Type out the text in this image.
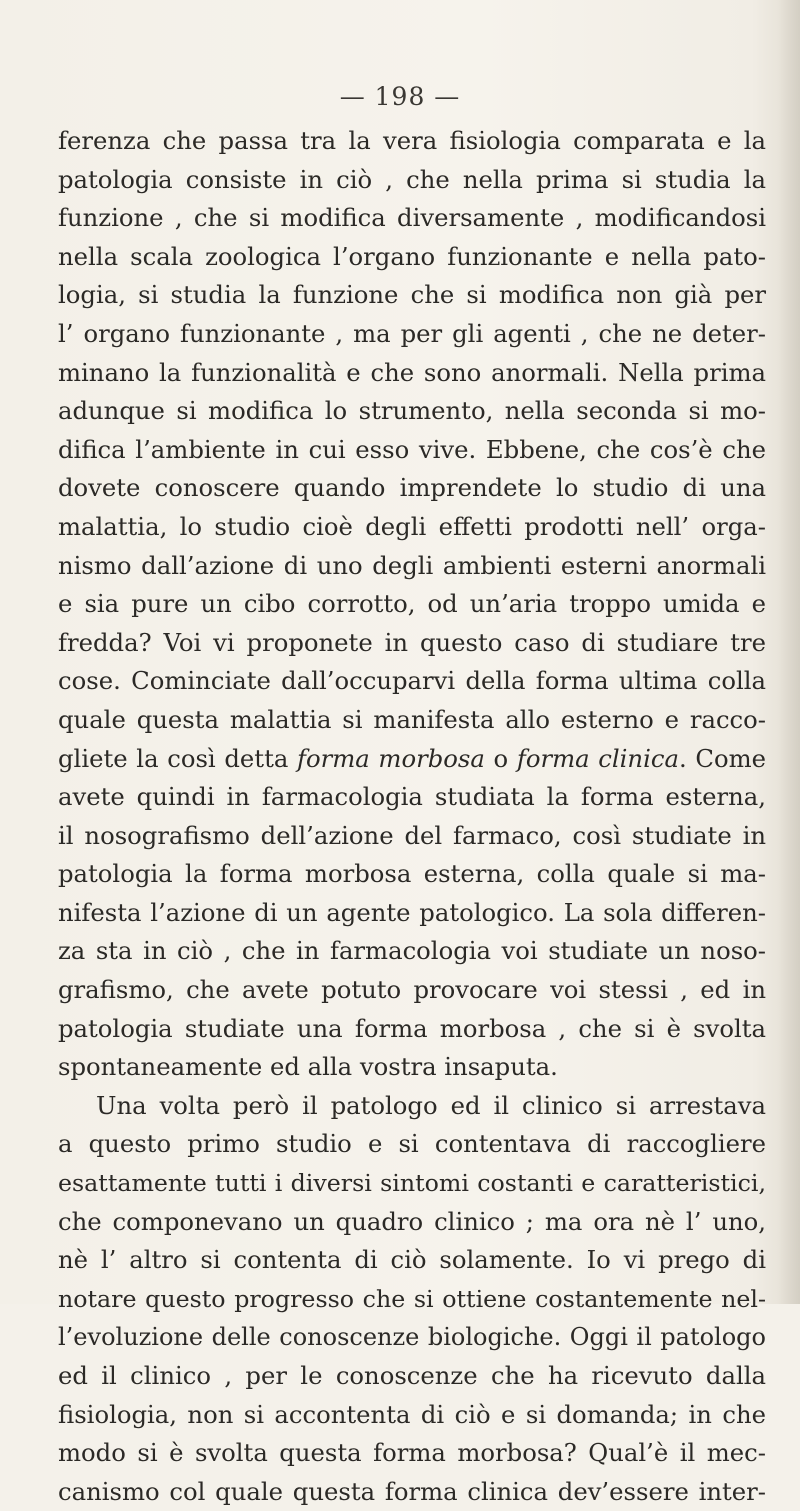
— 198 —
ferenza che passa tra la vera fisiologia comparata e la
patologia consiste in ciò , che nella prima si studia la
funzione , che si modifica diversamente , modificandosi
nella scala zoologica l’organo funzionante e nella pato-
logia, si studia la funzione che si modifica non già per
l’ organo funzionante , ma per gli agenti , che ne deter-
minano la funzionalità e che sono anormali. Nella prima
adunque si modifica lo strumento, nella seconda si mo-
difica l’ambiente in cui esso vive. Ebbene, che cos’è che
dovete conoscere quando imprendete lo studio di una
malattia, lo studio cioè degli effetti prodotti nell’ orga-
nismo dall’azione di uno degli ambienti esterni anormali
e sia pure un cibo corrotto, od un’aria troppo umida e
fredda? Voi vi proponete in questo caso di studiare tre
cose. Cominciate dall’occuparvi della forma ultima colla
quale questa malattia si manifesta allo esterno e racco-
gliete la così detta forma morbosa o forma clinica. Come
avete quindi in farmacologia studiata la forma esterna,
il nosografismo dell’azione del farmaco, così studiate in
patologia la forma morbosa esterna, colla quale si ma-
nifesta l’azione di un agente patologico. La sola differen-
za sta in ciò , che in farmacologia voi studiate un noso-
grafismo, che avete potuto provocare voi stessi , ed in
patologia studiate una forma morbosa , che si è svolta
spontaneamente ed alla vostra insaputa.
Una volta però il patologo ed il clinico si arrestava
a questo primo studio e si contentava di raccogliere
esattamente tutti i diversi sintomi costanti e caratteristici,
che componevano un quadro clinico ; ma ora nè l’ uno,
nè l’ altro si contenta di ciò solamente. Io vi prego di
notare questo progresso che si ottiene costantemente nel-
l’evoluzione delle conoscenze biologiche. Oggi il patologo
ed il clinico , per le conoscenze che ha ricevuto dalla
fisiologia, non si accontenta di ciò e si domanda; in che
modo si è svolta questa forma morbosa? Qual’è il mec-
canismo col quale questa forma clinica dev’essere inter-
